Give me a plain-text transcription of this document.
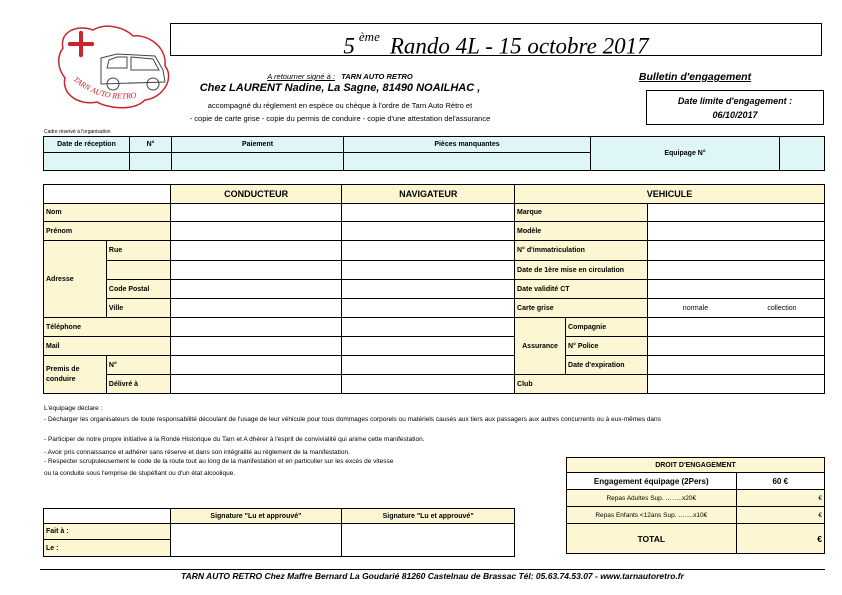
TARN AUTO RETRO
5 $^{ème}$ Rando 4L - 15 octobre 2017
A retourner signé à : TARN AUTO RETRO
Chez LAURENT Nadine, La Sagne, 81490 NOAILHAC ,
accompagné du réglement en espèce ou chèque à l'ordre de Tarn Auto Rétro et
- copie de carte grise - copie du permis de conduire - copie d'une attestation del'assurance
Bulletin d'engagement
Date limite d'engagement :
06/10/2017
Cadre réservé à l'organisation
Date de réception	N°	Paiement	Pièces manquantes	Equipage N°	

		CONDUCTEUR	NAVIGATEUR	VEHICULE		
Nom				Marque		
Prénom				Modèle		
Adresse	Rue			N° d'immatriculation		
				Date de 1ère mise en circulation		
	Code Postal			Date validité CT		
	Ville			Carte grise		normale collection
Téléphone				Assurance	Compagnie	
Mail					N° Police	
Premis de conduire	N°				Date d'expiration	
	Délivré à			Club		
L'équipage déclare :
- Décharger les organisateurs de toute responsabilité découlant de l'usage de leur véhicule pour tous dommages corporels ou matériels causés aux tiers aux passagers aux autres concurrents ou à eux-mêmes dans
- Participer de notre propre initiative à la Ronde Historique du Tarn et A dhérer à l'esprit de convivialité qui anime cette manifestation.
- Avoir pris connaissance et adhérer sans réserve et dans son intégralité au réglement de la manifestation.
- Respecter scrupuleusement le code de la route tout au long de la manifestation et en particulier sur les excès de vitesse
ou la conduite sous l'emprise de stupéfiant ou d'un état alcoolique.
DROIT D'ENGAGEMENT	
Engagement équipage (2Pers)	60 €
Repas Adultes Sup. ……..x20€	€
Repas Enfants <12ans Sup. …….x10€	€
TOTAL	€
	Signature "Lu et approuvé"	Signature "Lu et approuvé"
Fait à :		
Le :		
TARN AUTO RETRO Chez Maffre Bernard La Goudarié 81260 Castelnau de Brassac Tél: 05.63.74.53.07 - www.tarnautoretro.fr
